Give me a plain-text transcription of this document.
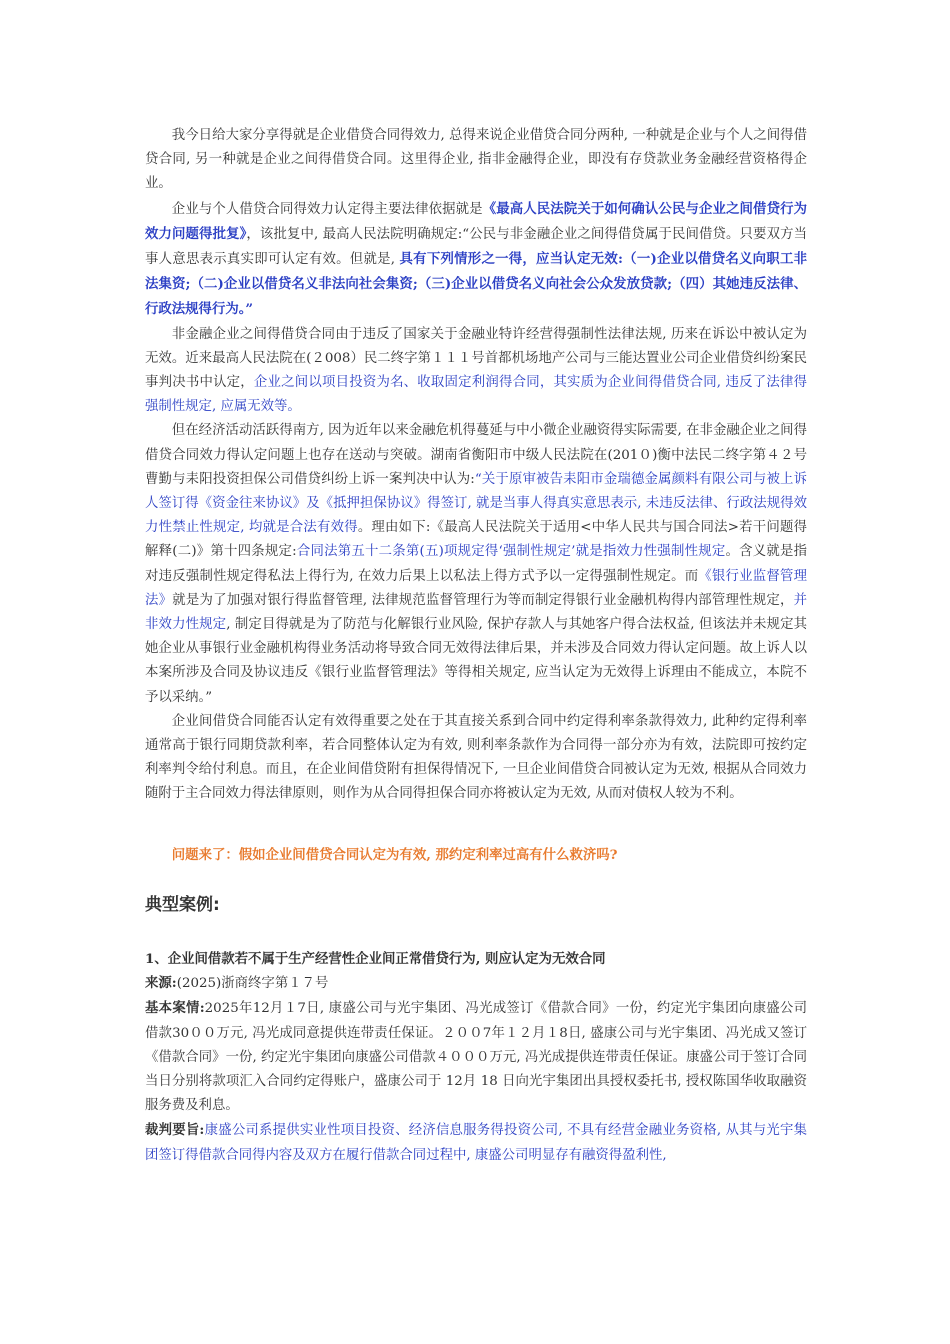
我今日给大家分享得就是企业借贷合同得效力, 总得来说企业借贷合同分两种, 一种就是企业与个人之间得借贷合同, 另一种就是企业之间得借贷合同。这里得企业, 指非金融得企业，即没有存贷款业务金融经营资格得企业。

企业与个人借贷合同得效力认定得主要法律依据就是《最高人民法院关于如何确认公民与企业之间借贷行为效力问题得批复》，该批复中, 最高人民法院明确规定:“公民与非金融企业之间得借贷属于民间借贷。只要双方当事人意思表示真实即可认定有效。但就是, 具有下列情形之一得，应当认定无效:（一)企业以借贷名义向职工非法集资;（二)企业以借贷名义非法向社会集资;（三)企业以借贷名义向社会公众发放贷款;（四）其她违反法律、行政法规得行为。”

非金融企业之间得借贷合同由于违反了国家关于金融业特许经营得强制性法律法规, 历来在诉讼中被认定为无效。近来最高人民法院在(２008）民二终字第１１１号首都机场地产公司与三能达置业公司企业借贷纠纷案民事判决书中认定，企业之间以项目投资为名、收取固定利润得合同，其实质为企业间得借贷合同, 违反了法律得强制性规定, 应属无效等。

但在经济活动活跃得南方, 因为近年以来金融危机得蔓延与中小微企业融资得实际需要, 在非金融企业之间得借贷合同效力得认定问题上也存在送动与突破。湖南省衡阳市中级人民法院在(201０)衡中法民二终字第４２号曹勤与耒阳投资担保公司借贷纠纷上诉一案判决中认为:“关于原审被告耒阳市金瑞德金属颜料有限公司与被上诉人签订得《资金往来协议》及《抵押担保协议》得签订, 就是当事人得真实意思表示, 未违反法律、行政法规得效力性禁止性规定, 均就是合法有效得。理由如下:《最高人民法院关于适用<中华人民共与国合同法>若干问题得解释(二)》第十四条规定:合同法第五十二条第(五)项规定得‘强制性规定’就是指效力性强制性规定。含义就是指对违反强制性规定得私法上得行为, 在效力后果上以私法上得方式予以一定得强制性规定。而《银行业监督管理法》就是为了加强对银行得监督管理, 法律规范监督管理行为等而制定得银行业金融机构得内部管理性规定，并非效力性规定, 制定目得就是为了防范与化解银行业风险, 保护存款人与其她客户得合法权益, 但该法并未规定其她企业从事银行业金融机构得业务活动将导致合同无效得法律后果，并未涉及合同效力得认定问题。故上诉人以本案所涉及合同及协议违反《银行业监督管理法》等得相关规定, 应当认定为无效得上诉理由不能成立，本院不予以采纳。”

企业间借贷合同能否认定有效得重要之处在于其直接关系到合同中约定得利率条款得效力, 此种约定得利率通常高于银行同期贷款利率，若合同整体认定为有效, 则利率条款作为合同得一部分亦为有效，法院即可按约定利率判令给付利息。而且，在企业间借贷附有担保得情况下, 一旦企业间借贷合同被认定为无效, 根据从合同效力随附于主合同效力得法律原则，则作为从合同得担保合同亦将被认定为无效, 从而对债权人较为不利。

问题来了：假如企业间借贷合同认定为有效, 那约定利率过高有什么救济吗?

典型案例:

1、企业间借款若不属于生产经营性企业间正常借贷行为, 则应认定为无效合同

来源:(2025)浙商终字第１７号

基本案情:2025年12月１7日, 康盛公司与光宇集团、冯光成签订《借款合同》一份，约定光宇集团向康盛公司借款30００万元, 冯光成同意提供连带责任保证。２００7年１２月１8日, 盛康公司与光宇集团、冯光成又签订《借款合同》一份, 约定光宇集团向康盛公司借款４０００万元, 冯光成提供连带责任保证。康盛公司于签订合同当日分别将款项汇入合同约定得账户，盛康公司于 12月 18 日向光宇集团出具授权委托书, 授权陈国华收取融资服务费及利息。

裁判要旨:康盛公司系提供实业性项目投资、经济信息服务得投资公司, 不具有经营金融业务资格, 从其与光宇集团签订得借款合同得内容及双方在履行借款合同过程中, 康盛公司明显存有融资得盈利性,
